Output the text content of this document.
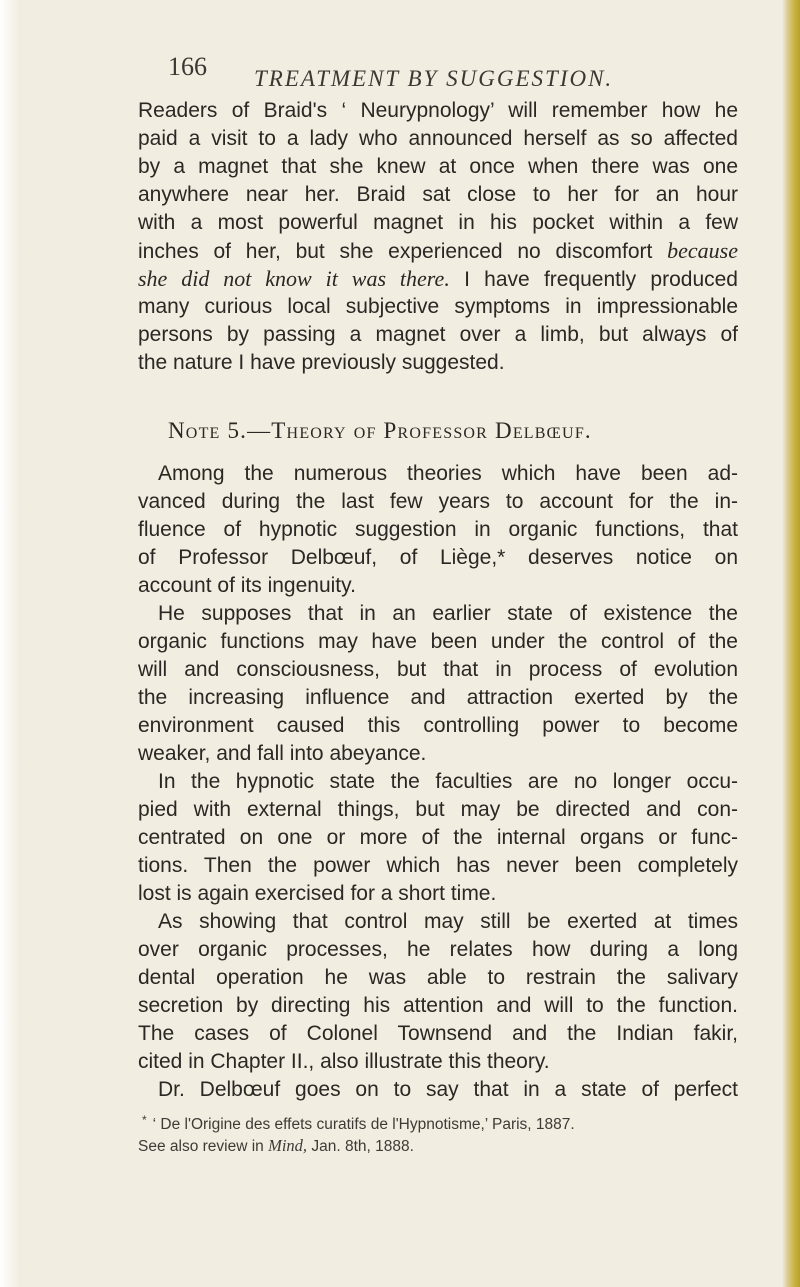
166 TREATMENT BY SUGGESTION.
Readers of Braid's ‘ Neurypnology’ will remember how he
paid a visit to a lady who announced herself as so affected
by a magnet that she knew at once when there was one
anywhere near her. Braid sat close to her for an hour
with a most powerful magnet in his pocket within a few
inches of her, but she experienced no discomfort because
she did not know it was there. I have frequently produced
many curious local subjective symptoms in impressionable
persons by passing a magnet over a limb, but always of
the nature I have previously suggested.
Note 5.—Theory of Professor Delbœuf.
Among the numerous theories which have been ad-
vanced during the last few years to account for the in-
fluence of hypnotic suggestion in organic functions, that
of Professor Delbœuf, of Liège,* deserves notice on
account of its ingenuity.
He supposes that in an earlier state of existence the
organic functions may have been under the control of the
will and consciousness, but that in process of evolution
the increasing influence and attraction exerted by the
environment caused this controlling power to become
weaker, and fall into abeyance.
In the hypnotic state the faculties are no longer occu-
pied with external things, but may be directed and con-
centrated on one or more of the internal organs or func-
tions. Then the power which has never been completely
lost is again exercised for a short time.
As showing that control may still be exerted at times
over organic processes, he relates how during a long
dental operation he was able to restrain the salivary
secretion by directing his attention and will to the function.
The cases of Colonel Townsend and the Indian fakir,
cited in Chapter II., also illustrate this theory.
Dr. Delbœuf goes on to say that in a state of perfect
* ‘ De l'Origine des effets curatifs de l'Hypnotisme,’ Paris, 1887.
See also review in Mind, Jan. 8th, 1888.
